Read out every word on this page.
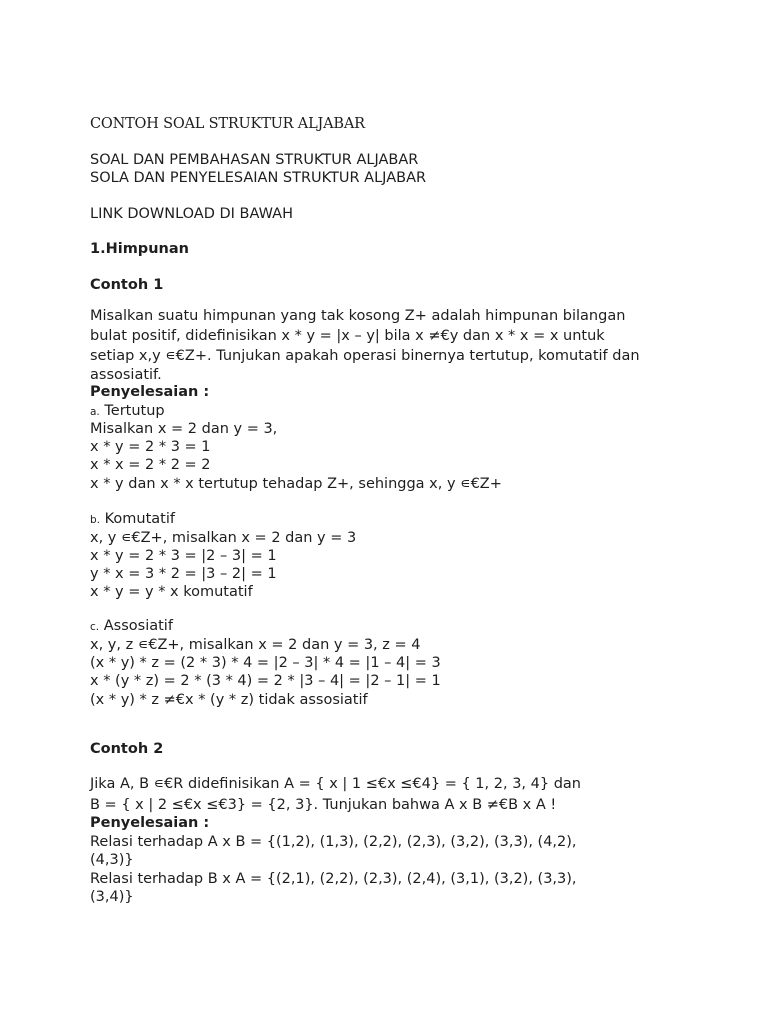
CONTOH SOAL STRUKTUR ALJABAR
SOAL DAN PEMBAHASAN STRUKTUR ALJABAR
SOLA DAN PENYELESAIAN STRUKTUR ALJABAR
LINK DOWNLOAD DI BAWAH
1.Himpunan
Contoh 1
Misalkan suatu himpunan yang tak kosong Z+ adalah himpunan bilangan
bulat positif, didefinisikan x * y = |x – y| bila x ≠€y dan x * x = x untuk
setiap x,y ∊€Z+. Tunjukan apakah operasi binernya tertutup, komutatif dan
assosiatif.
Penyelesaian :
a. Tertutup
Misalkan x = 2 dan y = 3,
x * y = 2 * 3 = 1
x * x = 2 * 2 = 2
x * y dan x * x tertutup tehadap Z+, sehingga x, y ∊€Z+
b. Komutatif
x, y ∊€Z+, misalkan x = 2 dan y = 3
x * y = 2 * 3 = |2 – 3| = 1
y * x = 3 * 2 = |3 – 2| = 1
x * y = y * x komutatif
c. Assosiatif
x, y, z ∊€Z+, misalkan x = 2 dan y = 3, z = 4
(x * y) * z = (2 * 3) * 4 = |2 – 3| * 4 = |1 – 4| = 3
x * (y * z) = 2 * (3 * 4) = 2 * |3 – 4| = |2 – 1| = 1
(x * y) * z ≠€x * (y * z) tidak assosiatif
Contoh 2
Jika A, B ∊€R didefinisikan A = { x | 1 ≤€x ≤€4} = { 1, 2, 3, 4} dan
B = { x | 2 ≤€x ≤€3} = {2, 3}. Tunjukan bahwa A x B ≠€B x A !
Penyelesaian :
Relasi terhadap A x B = {(1,2), (1,3), (2,2), (2,3), (3,2), (3,3), (4,2),
(4,3)}
Relasi terhadap B x A = {(2,1), (2,2), (2,3), (2,4), (3,1), (3,2), (3,3),
(3,4)}
